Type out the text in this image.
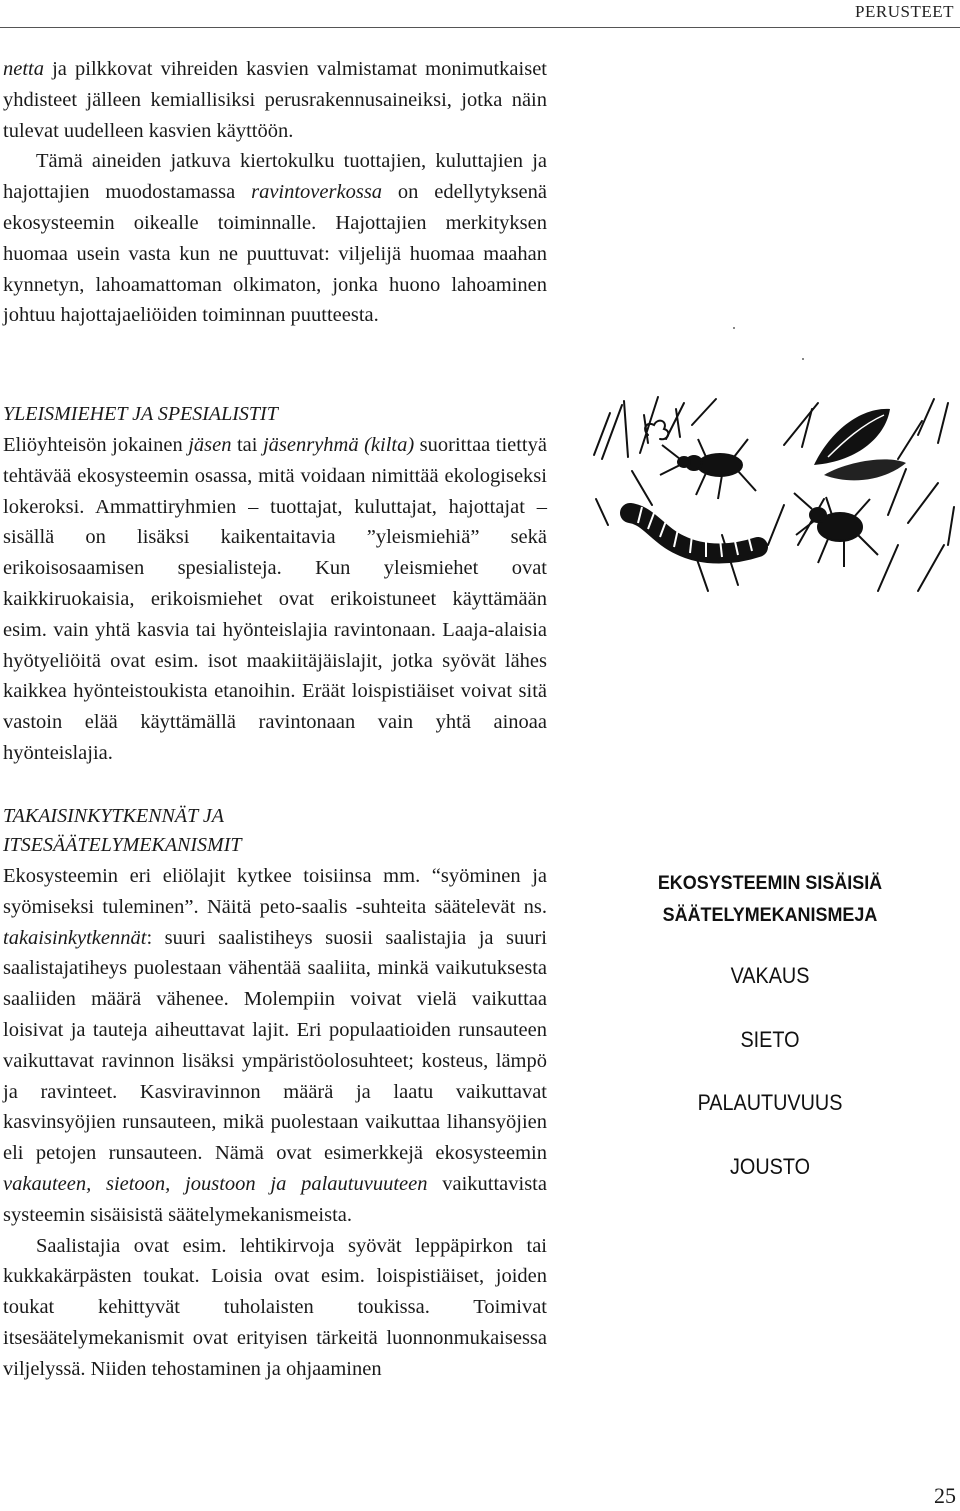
PERUSTEET

netta ja pilkkovat vihreiden kasvien valmistamat monimutkaiset yhdisteet jälleen kemiallisiksi perusrakennusaineiksi, jotka näin tulevat uudelleen kasvien käyttöön.

Tämä aineiden jatkuva kiertokulku tuottajien, kuluttajien ja hajottajien muodostamassa ravintoverkossa on edellytyksenä ekosysteemin oikealle toiminnalle. Hajottajien merkityksen huomaa usein vasta kun ne puuttuvat: viljelijä huomaa maahan kynnetyn, lahoamattoman olkimaton, jonka huono lahoaminen johtuu hajottajaeliöiden toiminnan puutteesta.

YLEISMIEHET JA SPESIALISTIT

Eliöyhteisön jokainen jäsen tai jäsenryhmä (kilta) suorittaa tiettyä tehtävää ekosysteemin osassa, mitä voidaan nimittää ekologiseksi lokeroksi. Ammattiryhmien – tuottajat, kuluttajat, hajottajat – sisällä on lisäksi kaikentaitavia ”yleismiehiä” sekä erikoisosaamisen spesialisteja. Kun yleismiehet ovat kaikkiruokaisia, erikoismiehet ovat erikoistuneet käyttämään esim. vain yhtä kasvia tai hyönteislajia ravintonaan. Laaja-alaisia hyötyeliöitä ovat esim. isot maakiitäjäislajit, jotka syövät lähes kaikkea hyönteistoukista etanoihin. Eräät loispistiäiset voivat sitä vastoin elää käyttämällä ravintonaan vain yhtä ainoaa hyönteislajia.

TAKAISINKYTKENNÄT JA

ITSESÄÄTELYMEKANISMIT

Ekosysteemin eri eliölajit kytkee toisiinsa mm. “syöminen ja syömiseksi tuleminen”. Näitä peto-saalis -suhteita säätelevät ns. takaisinkytkennät: suuri saalistiheys suosii saalistajia ja suuri saalistajatiheys puolestaan vähentää saaliita, minkä vaikutuksesta saaliiden määrä vähenee. Molempiin voivat vielä vaikuttaa loisivat ja tauteja aiheuttavat lajit. Eri populaatioiden runsauteen vaikuttavat ravinnon lisäksi ympäristöolosuhteet; kosteus, lämpö ja ravinteet. Kasviravinnon määrä ja laatu vaikuttavat kasvinsyöjien runsauteen, mikä puolestaan vaikuttaa lihansyöjien eli petojen runsauteen. Nämä ovat esimerkkejä ekosysteemin vakauteen, sietoon, joustoon ja palautuvuuteen vaikuttavista systeemin sisäisistä säätelymekanismeista.

Saalistajia ovat esim. lehtikirvoja syövät leppäpirkon tai kukkakärpästen toukat. Loisia ovat esim. loispistiäiset, joiden toukat kehittyvät tuholaisten toukissa. Toimivat itsesäätelymekanismit ovat erityisen tärkeitä luonnonmukaisessa viljelyssä. Niiden tehostaminen ja ohjaaminen

EKOSYSTEEMIN SISÄISIÄ
SÄÄTELYMEKANISMEJA
VAKAUS
SIETO
PALAUTUVUUS
JOUSTO
25
